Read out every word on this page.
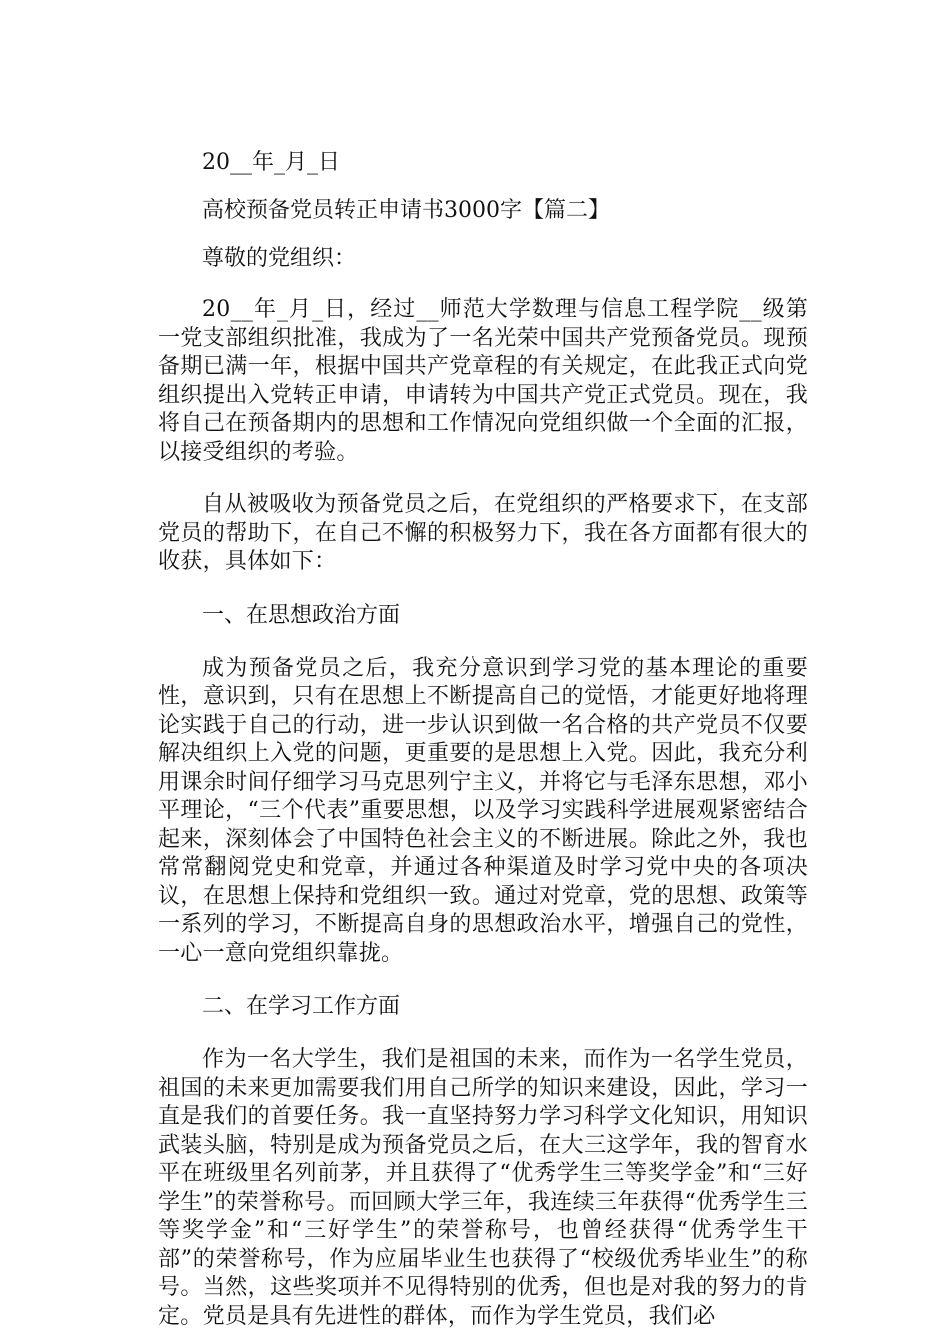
20__年_月_日

高校预备党员转正申请书3000字【篇二】

尊敬的党组织：

20__年_月_日，经过__师范大学数理与信息工程学院__级第一党支部组织批准，我成为了一名光荣中国共产党预备党员。现预备期已满一年，根据中国共产党章程的有关规定，在此我正式向党组织提出入党转正申请，申请转为中国共产党正式党员。现在，我将自己在预备期内的思想和工作情况向党组织做一个全面的汇报，以接受组织的考验。

自从被吸收为预备党员之后，在党组织的严格要求下，在支部党员的帮助下，在自己不懈的积极努力下，我在各方面都有很大的收获，具体如下：

一、在思想政治方面

成为预备党员之后，我充分意识到学习党的基本理论的重要性，意识到，只有在思想上不断提高自己的觉悟，才能更好地将理论实践于自己的行动，进一步认识到做一名合格的共产党员不仅要解决组织上入党的问题，更重要的是思想上入党。因此，我充分利用课余时间仔细学习马克思列宁主义，并将它与毛泽东思想，邓小平理论，“三个代表”重要思想，以及学习实践科学进展观紧密结合起来，深刻体会了中国特色社会主义的不断进展。除此之外，我也常常翻阅党史和党章，并通过各种渠道及时学习党中央的各项决议，在思想上保持和党组织一致。通过对党章，党的思想、政策等一系列的学习，不断提高自身的思想政治水平，增强自己的党性，一心一意向党组织靠拢。

二、在学习工作方面

作为一名大学生，我们是祖国的未来，而作为一名学生党员，祖国的未来更加需要我们用自己所学的知识来建设，因此，学习一直是我们的首要任务。我一直坚持努力学习科学文化知识，用知识武装头脑，特别是成为预备党员之后，在大三这学年，我的智育水平在班级里名列前茅，并且获得了“优秀学生三等奖学金”和“三好学生”的荣誉称号。而回顾大学三年，我连续三年获得“优秀学生三等奖学金”和“三好学生”的荣誉称号，也曾经获得“优秀学生干部”的荣誉称号，作为应届毕业生也获得了“校级优秀毕业生”的称号。当然，这些奖项并不见得特别的优秀，但也是对我的努力的肯定。党员是具有先进性的群体，而作为学生党员，我们必
